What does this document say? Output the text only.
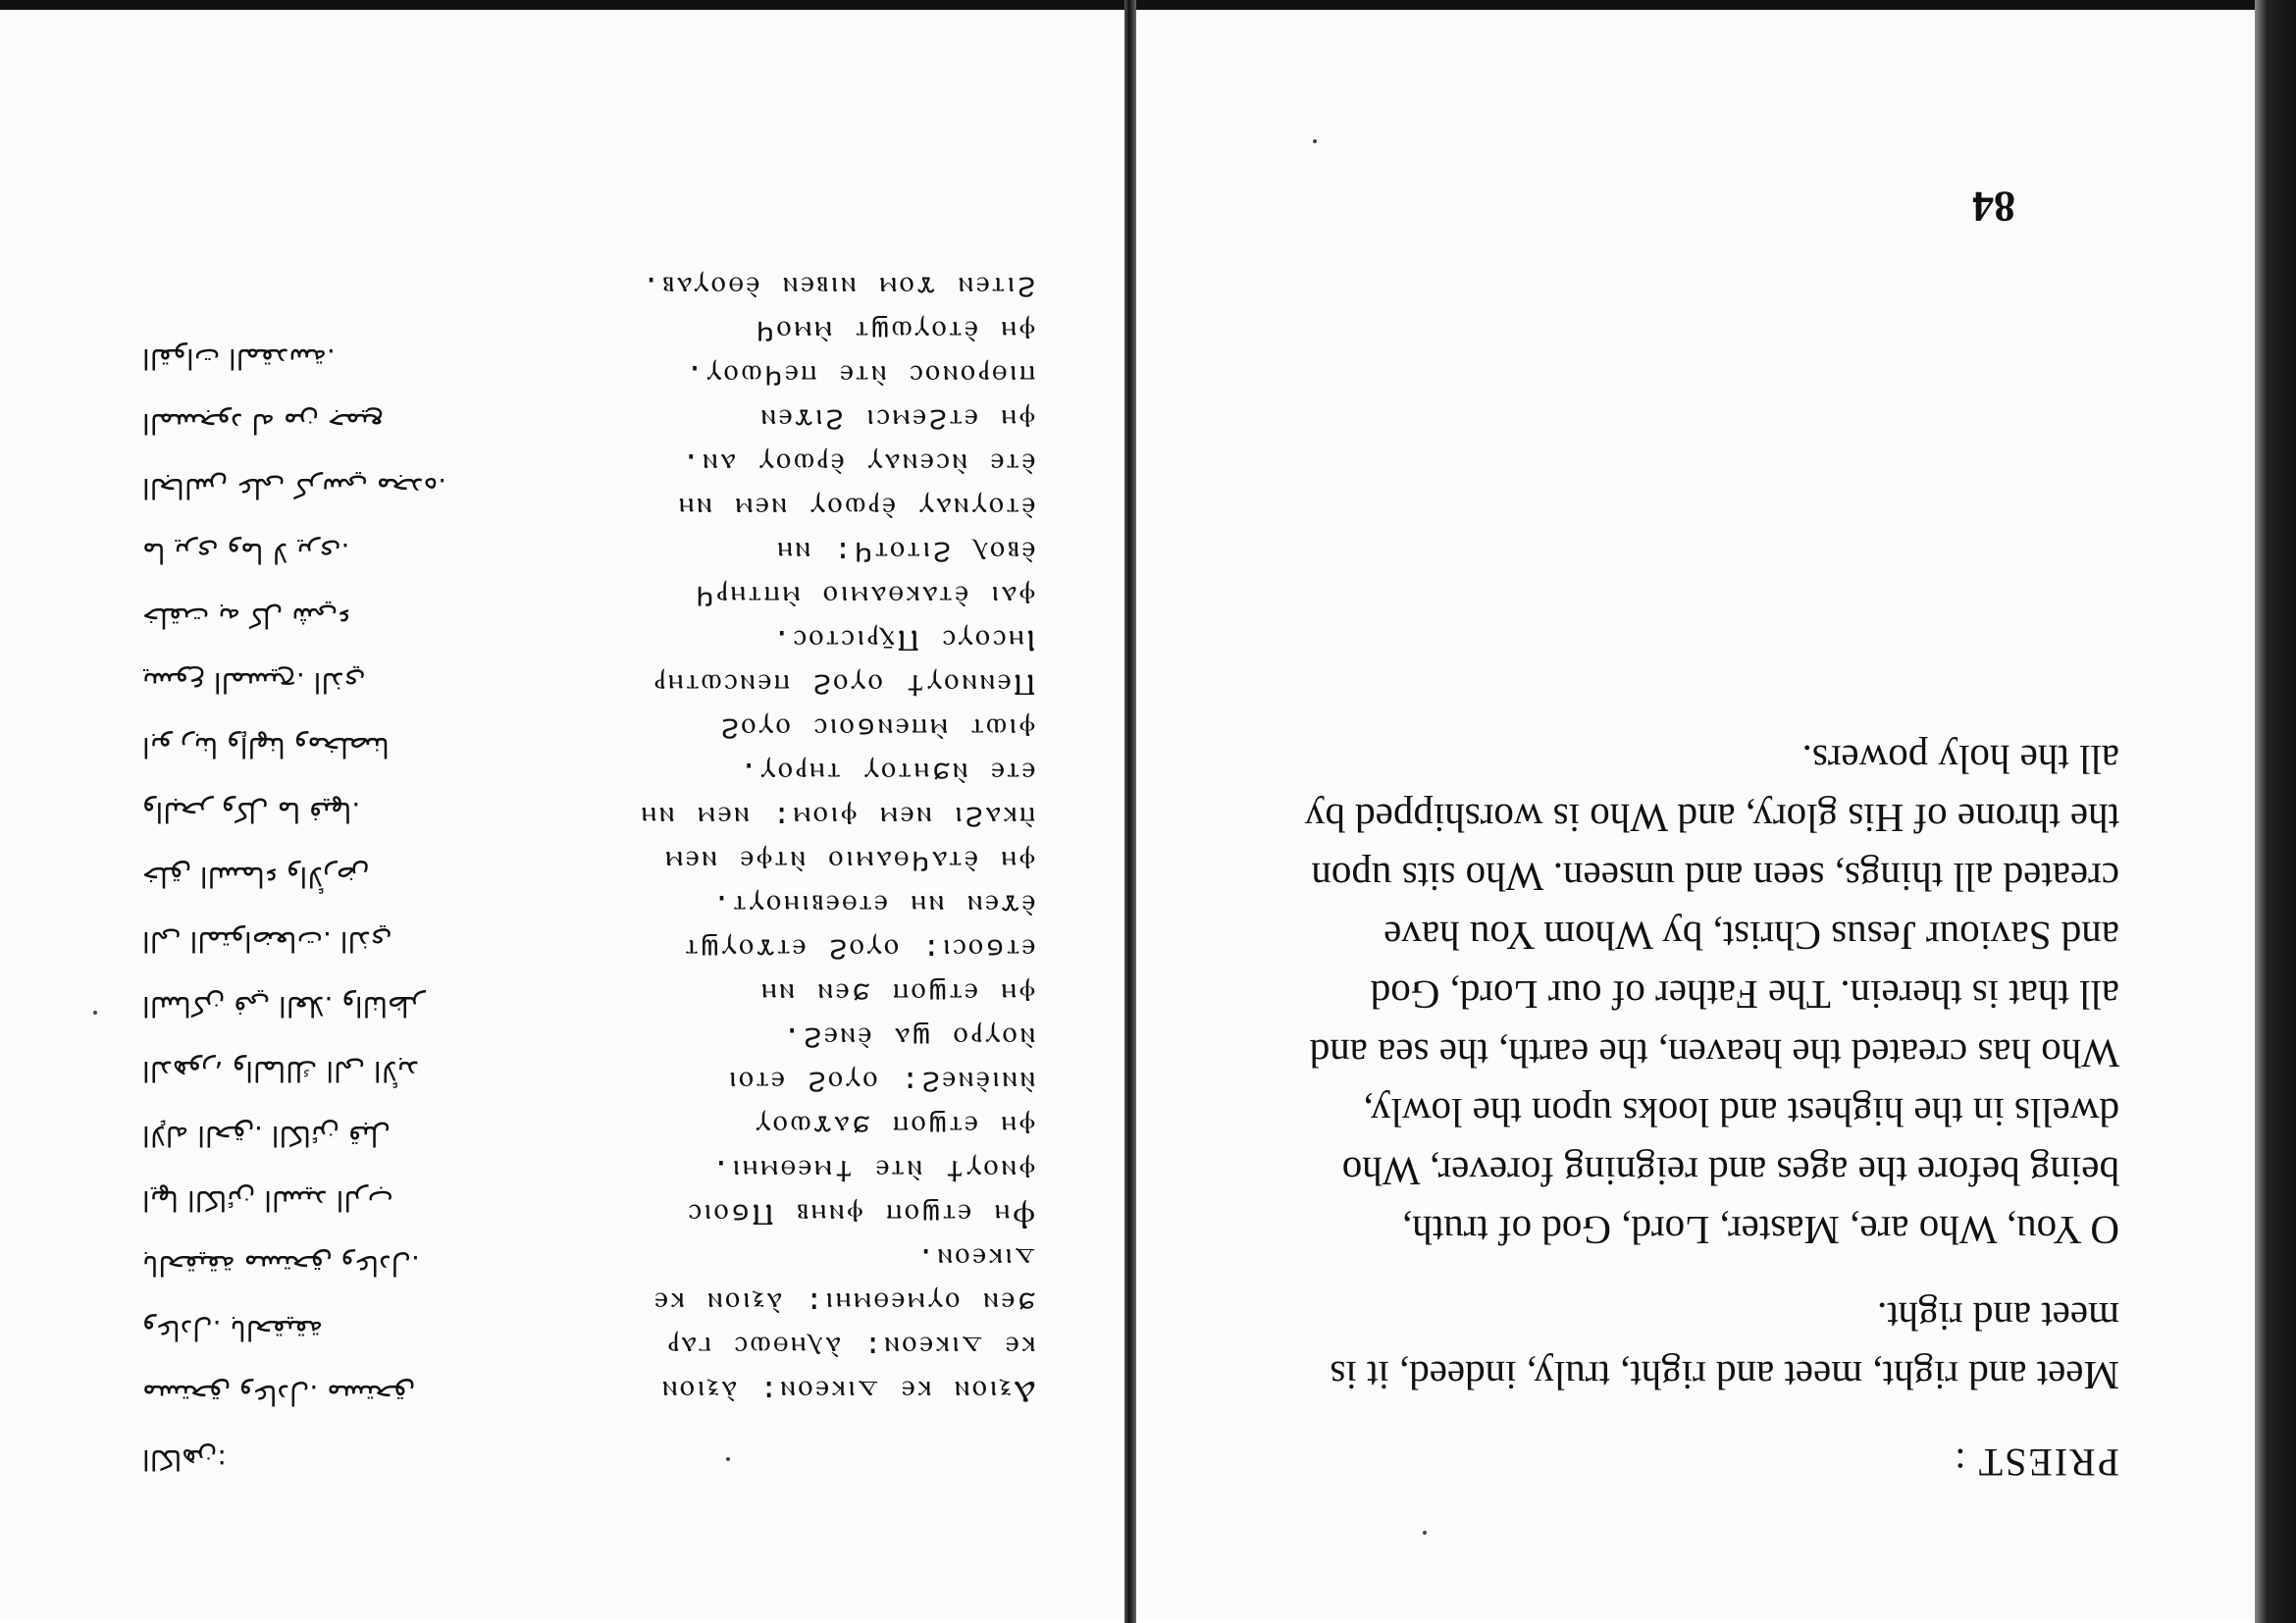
84
PRIEST :
Meet and right, meet and right, truly, indeed, it is
meet and right.
O You, Who are, Master, Lord, God of truth,
being before the ages and reigning forever, Who
dwells in the highest and looks upon the lowly,
Who has created the heaven, the earth, the sea and
all that is therein. The Father of our Lord, God
and Saviour Jesus Christ, by Whom You have
created all things, seen and unseen. Who sits upon
the throne of His glory, and Who is worshipped by
all the holy powers.
Ⲁⲝⲓⲟⲛ ⲕⲉ ⲇⲓⲕⲉⲟⲛ: ⲁ̀ⲝⲓⲟⲛ
ⲕⲉ ⲇⲓⲕⲉⲟⲛ: ⲁ̀ⲗⲏⲑⲱⲥ ⲅⲁⲣ
ϧⲉⲛ ⲟⲩⲙⲉⲑⲙⲏⲓ: ⲁ̀ⲝⲓⲟⲛ ⲕⲉ
ⲇⲓⲕⲉⲟⲛ.
Ⲫⲏ ⲉⲧϣⲟⲡ ⲫⲛⲏⲃ Ⲡϭⲟⲓⲥ
ⲫⲛⲟⲩϯ ⲛ̀ⲧⲉ ϯⲙⲉⲑⲙⲏⲓ.
ⲫⲏ ⲉⲧϣⲟⲡ ϧⲁϫⲱⲟⲩ
ⲛ̀ⲛⲓⲉ̀ⲛⲉϩ: ⲟⲩⲟϩ ⲉⲧⲟⲓ
ⲛ̀ⲟⲩⲣⲟ ϣⲁ ⲉ̀ⲛⲉϩ.
ⲫⲏ ⲉⲧϣⲟⲡ ϧⲉⲛ ⲛⲏ
ⲉⲧϭⲟⲥⲓ: ⲟⲩⲟϩ ⲉⲧϫⲟⲩϣⲧ
ⲉ̀ϫⲉⲛ ⲛⲏ ⲉⲧⲑⲉⲃⲓⲏⲟⲩⲧ.
ⲫⲏ ⲉ̀ⲧⲁϥⲑⲁⲙⲓⲟ ⲛ̀ⲧⲫⲉ ⲛⲉⲙ
ⲡ̀ⲕⲁϩⲓ ⲛⲉⲙ ⲫⲓⲟⲙ: ⲛⲉⲙ ⲛⲏ
ⲉⲧⲉ ⲛ̀ϧⲏⲧⲟⲩ ⲧⲏⲣⲟⲩ.
ⲫⲓⲱⲧ ⲙ̀ⲡⲉⲛϭⲟⲓⲥ ⲟⲩⲟϩ
Ⲡⲉⲛⲛⲟⲩϯ ⲟⲩⲟϩ ⲡⲉⲛⲥⲱⲧⲏⲣ
Ⲓⲏⲥⲟⲩⲥ Ⲡⲭ̄ⲣⲓⲥⲧⲟⲥ.
ⲫⲁⲓ ⲉ̀ⲧⲁⲕⲑⲁⲙⲓⲟ ⲙ̀ⲡⲧⲏⲣϥ
ⲉ̀ⲃⲟⲗ ϩⲓⲧⲟⲧϥ: ⲛⲏ
ⲉ̀ⲧⲟⲩⲛⲁⲩ ⲉ̀ⲣⲱⲟⲩ ⲛⲉⲙ ⲛⲏ
ⲉ̀ⲧⲉ ⲛ̀ⲥⲉⲛⲁⲩ ⲉ̀ⲣⲱⲟⲩ ⲁⲛ.
ⲫⲏ ⲉⲧϩⲉⲙⲥⲓ ϩⲓϫⲉⲛ
ⲡⲓⲑⲣⲟⲛⲟⲥ ⲛ̀ⲧⲉ ⲡⲉϥⲱⲟⲩ.
ⲫⲏ ⲉ̀ⲧⲟⲩⲱϣⲧ ⲙ̀ⲙⲟϥ
ϩⲓⲧⲉⲛ ϫⲟⲙ ⲛⲓⲃⲉⲛ ⲉ̀ⲑⲟⲩⲁⲃ.
الكاهن:
مستحق وعادل. مستحق
وعادل. بالحقيقة
بالحقيقة مستحق وعادل.
ايها الكائن السيد الرب
الإله الحق. الكائن قبل
الدهور، والمالك الى الأبد
الساكن في العلا. والناظر
الى المتواضعات. الذي
خلق السماء والأرض
والبحر وكل ما فيها.
ابو ربنا وإلهنا ومخلصنا
يسوع المسيح. الذي
خلقت به كل شيء
ما يرى وما لا يرى.
الجالس على كرسي مجده.
المسجود له من جميع
القوات المقدسة.
